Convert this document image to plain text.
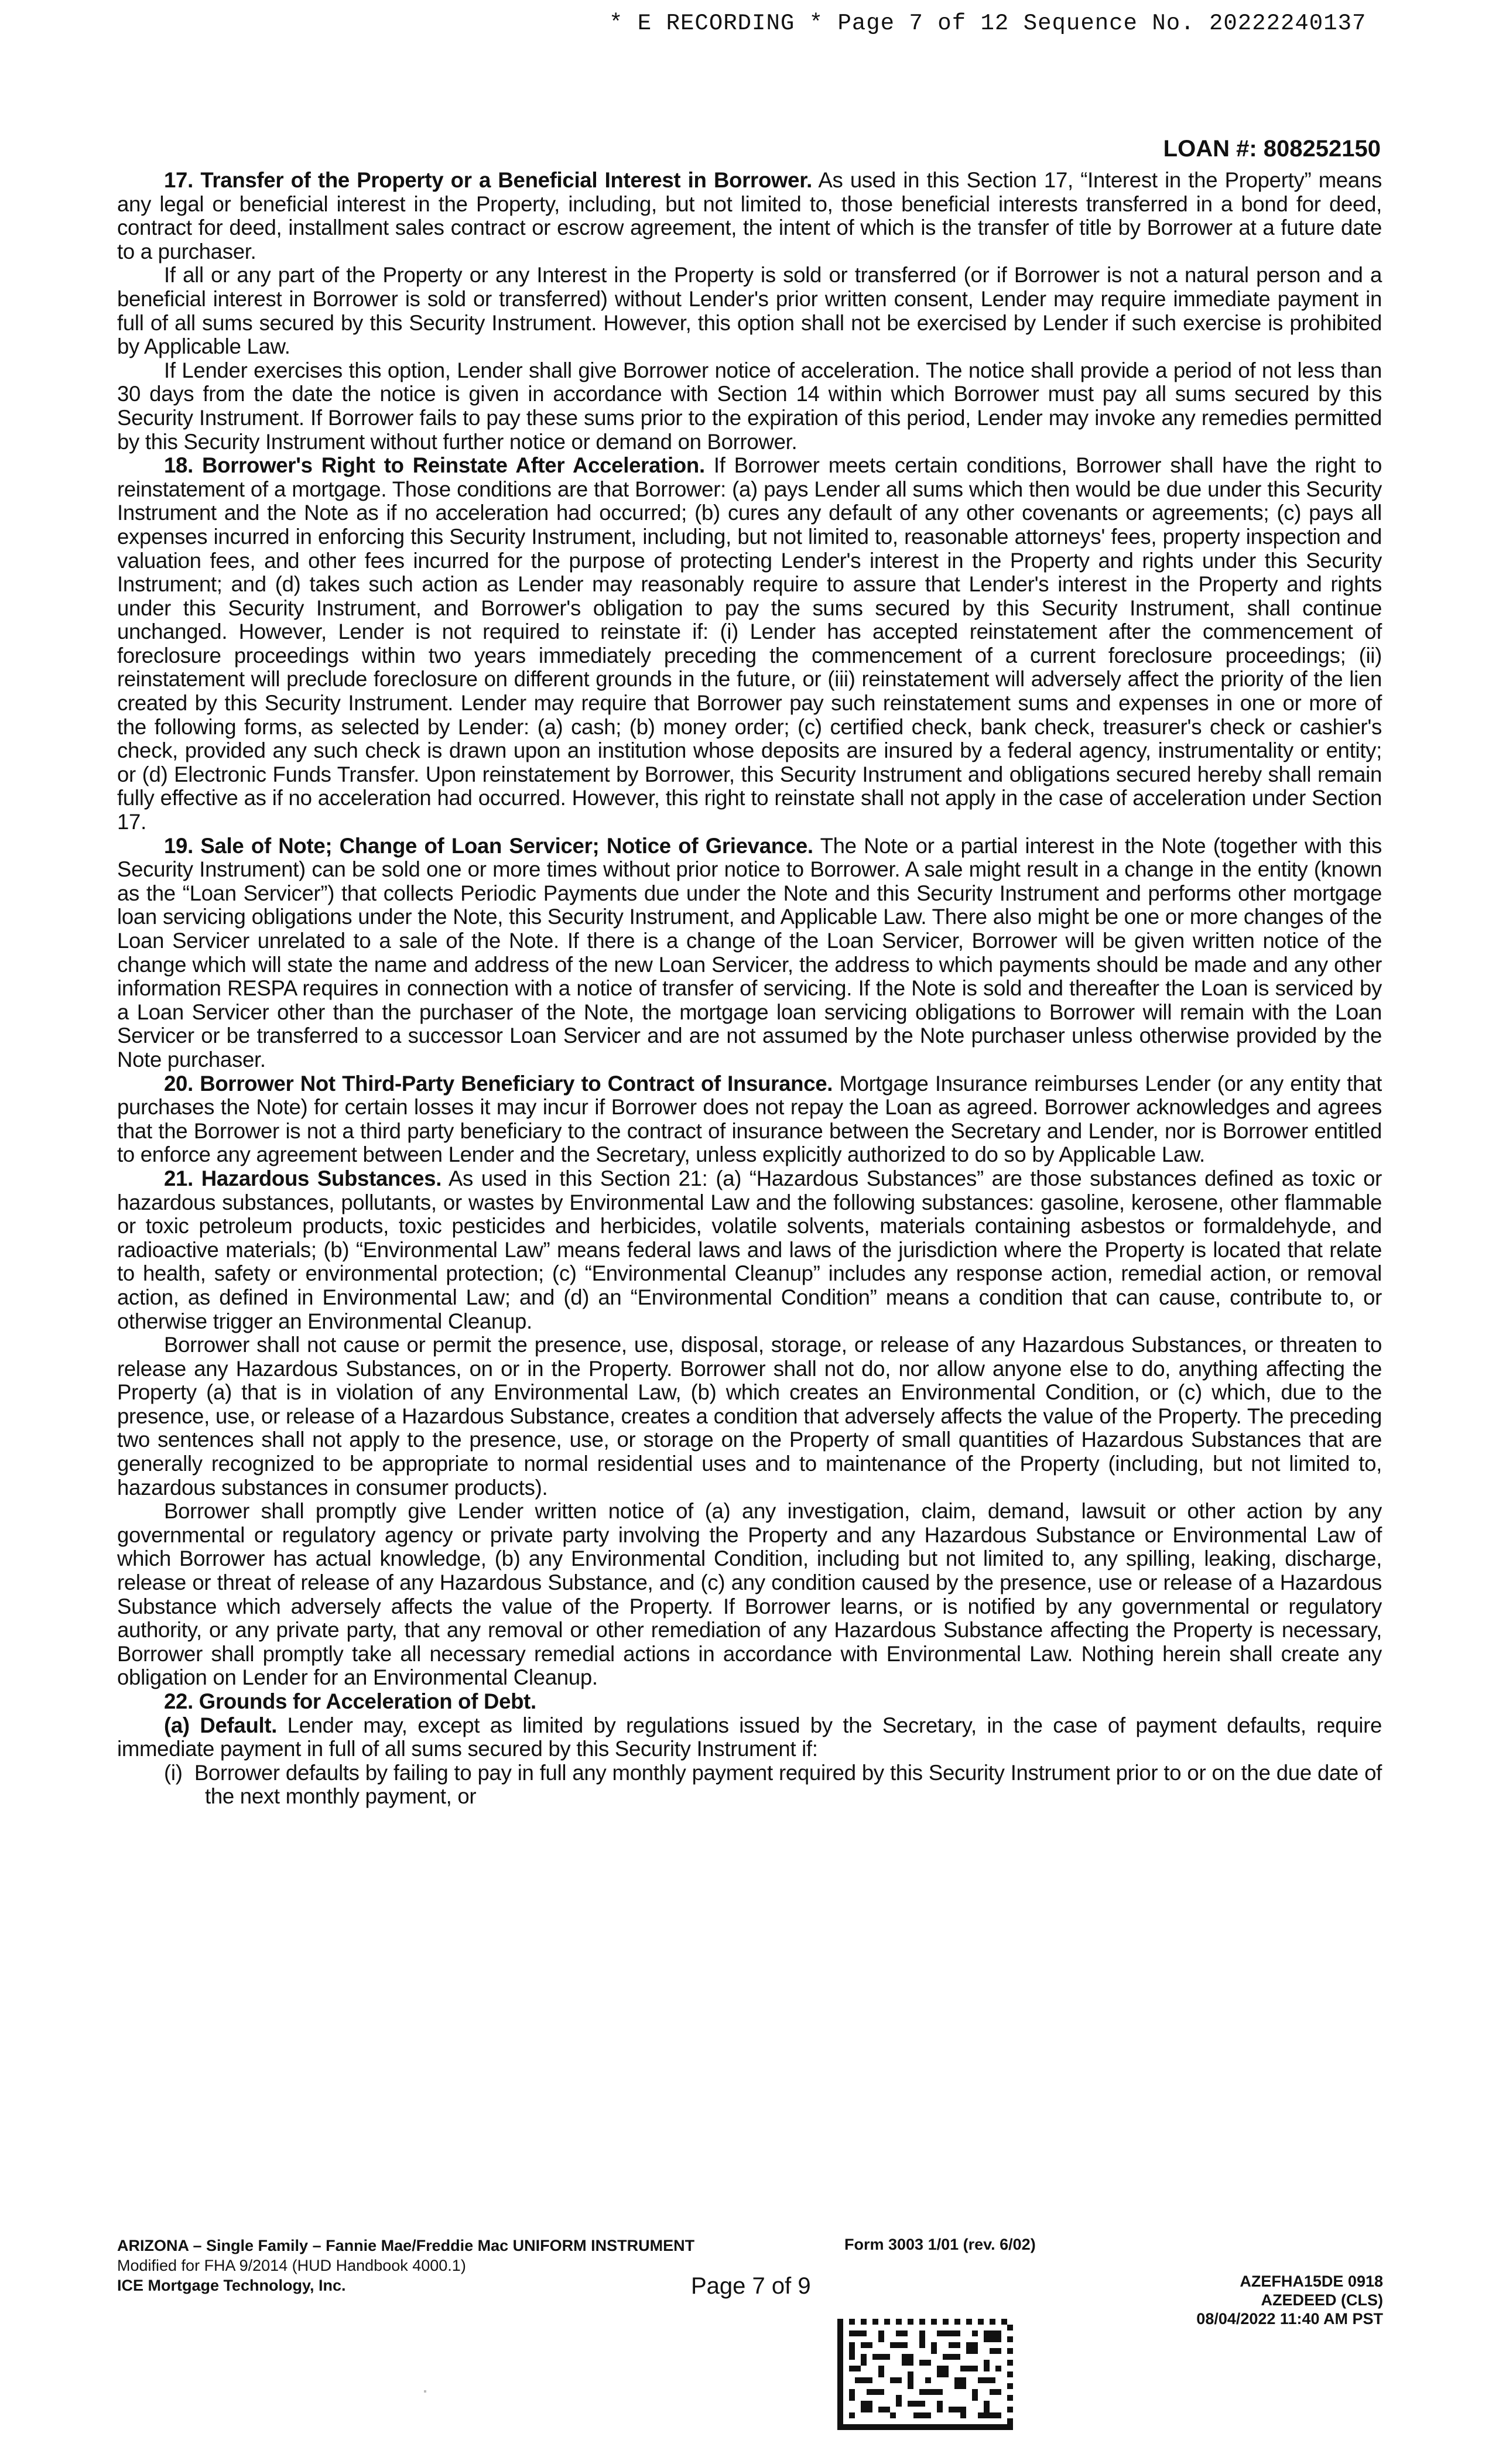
* E RECORDING * Page 7 of 12 Sequence No. 20222240137
LOAN #: 808252150

17. Transfer of the Property or a Beneficial Interest in Borrower. As used in this Section 17, “Interest in the Property” means any legal or beneficial interest in the Property, including, but not limited to, those beneficial interests transferred in a bond for deed, contract for deed, installment sales contract or escrow agreement, the intent of which is the transfer of title by Borrower at a future date to a purchaser.

If all or any part of the Property or any Interest in the Property is sold or transferred (or if Borrower is not a natural person and a beneficial interest in Borrower is sold or transferred) without Lender's prior written consent, Lender may require immediate payment in full of all sums secured by this Security Instrument. However, this option shall not be exercised by Lender if such exercise is prohibited by Applicable Law.

If Lender exercises this option, Lender shall give Borrower notice of acceleration. The notice shall provide a period of not less than 30 days from the date the notice is given in accordance with Section 14 within which Borrower must pay all sums secured by this Security Instrument. If Borrower fails to pay these sums prior to the expiration of this period, Lender may invoke any remedies permitted by this Security Instrument without further notice or demand on Borrower.

18. Borrower's Right to Reinstate After Acceleration. If Borrower meets certain conditions, Borrower shall have the right to reinstatement of a mortgage. Those conditions are that Borrower: (a) pays Lender all sums which then would be due under this Security Instrument and the Note as if no acceleration had occurred; (b) cures any default of any other covenants or agreements; (c) pays all expenses incurred in enforcing this Security Instrument, including, but not limited to, reasonable attorneys' fees, property inspection and valuation fees, and other fees incurred for the purpose of protecting Lender's interest in the Property and rights under this Security Instrument; and (d) takes such action as Lender may reasonably require to assure that Lender's interest in the Property and rights under this Security Instrument, and Borrower's obligation to pay the sums secured by this Security Instrument, shall continue unchanged. However, Lender is not required to reinstate if: (i) Lender has accepted reinstatement after the commencement of foreclosure proceedings within two years immediately preceding the commencement of a current foreclosure proceedings; (ii) reinstatement will preclude foreclosure on different grounds in the future, or (iii) reinstatement will adversely affect the priority of the lien created by this Security Instrument. Lender may require that Borrower pay such reinstatement sums and expenses in one or more of the following forms, as selected by Lender: (a) cash; (b) money order; (c) certified check, bank check, treasurer's check or cashier's check, provided any such check is drawn upon an institution whose deposits are insured by a federal agency, instrumentality or entity; or (d) Electronic Funds Transfer. Upon reinstatement by Borrower, this Security Instrument and obligations secured hereby shall remain fully effective as if no acceleration had occurred. However, this right to reinstate shall not apply in the case of acceleration under Section 17.

19. Sale of Note; Change of Loan Servicer; Notice of Grievance. The Note or a partial interest in the Note (together with this Security Instrument) can be sold one or more times without prior notice to Borrower. A sale might result in a change in the entity (known as the “Loan Servicer”) that collects Periodic Payments due under the Note and this Security Instrument and performs other mortgage loan servicing obligations under the Note, this Security Instrument, and Applicable Law. There also might be one or more changes of the Loan Servicer unrelated to a sale of the Note. If there is a change of the Loan Servicer, Borrower will be given written notice of the change which will state the name and address of the new Loan Servicer, the address to which payments should be made and any other information RESPA requires in connection with a notice of transfer of servicing. If the Note is sold and thereafter the Loan is serviced by a Loan Servicer other than the purchaser of the Note, the mortgage loan servicing obligations to Borrower will remain with the Loan Servicer or be transferred to a successor Loan Servicer and are not assumed by the Note purchaser unless otherwise provided by the Note purchaser.

20. Borrower Not Third-Party Beneficiary to Contract of Insurance. Mortgage Insurance reimburses Lender (or any entity that purchases the Note) for certain losses it may incur if Borrower does not repay the Loan as agreed. Borrower acknowledges and agrees that the Borrower is not a third party beneficiary to the contract of insurance between the Secretary and Lender, nor is Borrower entitled to enforce any agreement between Lender and the Secretary, unless explicitly authorized to do so by Applicable Law.

21. Hazardous Substances. As used in this Section 21: (a) “Hazardous Substances” are those substances defined as toxic or hazardous substances, pollutants, or wastes by Environmental Law and the following substances: gasoline, kerosene, other flammable or toxic petroleum products, toxic pesticides and herbicides, volatile solvents, materials containing asbestos or formaldehyde, and radioactive materials; (b) “Environmental Law” means federal laws and laws of the jurisdiction where the Property is located that relate to health, safety or environmental protection; (c) “Environmental Cleanup” includes any response action, remedial action, or removal action, as defined in Environmental Law; and (d) an “Environmental Condition” means a condition that can cause, contribute to, or otherwise trigger an Environmental Cleanup.

Borrower shall not cause or permit the presence, use, disposal, storage, or release of any Hazardous Substances, or threaten to release any Hazardous Substances, on or in the Property. Borrower shall not do, nor allow anyone else to do, anything affecting the Property (a) that is in violation of any Environmental Law, (b) which creates an Environmental Condition, or (c) which, due to the presence, use, or release of a Hazardous Substance, creates a condition that adversely affects the value of the Property. The preceding two sentences shall not apply to the presence, use, or storage on the Property of small quantities of Hazardous Substances that are generally recognized to be appropriate to normal residential uses and to maintenance of the Property (including, but not limited to, hazardous substances in consumer products).

Borrower shall promptly give Lender written notice of (a) any investigation, claim, demand, lawsuit or other action by any governmental or regulatory agency or private party involving the Property and any Hazardous Substance or Environmental Law of which Borrower has actual knowledge, (b) any Environmental Condition, including but not limited to, any spilling, leaking, discharge, release or threat of release of any Hazardous Substance, and (c) any condition caused by the presence, use or release of a Hazardous Substance which adversely affects the value of the Property. If Borrower learns, or is notified by any governmental or regulatory authority, or any private party, that any removal or other remediation of any Hazardous Substance affecting the Property is necessary, Borrower shall promptly take all necessary remedial actions in accordance with Environmental Law. Nothing herein shall create any obligation on Lender for an Environmental Cleanup.

22. Grounds for Acceleration of Debt.

(a) Default. Lender may, except as limited by regulations issued by the Secretary, in the case of payment defaults, require immediate payment in full of all sums secured by this Security Instrument if:

(i) Borrower defaults by failing to pay in full any monthly payment required by this Security Instrument prior to or on the due date of the next monthly payment, or

ARIZONA – Single Family – Fannie Mae/Freddie Mac UNIFORM INSTRUMENT
Modified for FHA 9/2014 (HUD Handbook 4000.1)
ICE Mortgage Technology, Inc.
Form 3003 1/01 (rev. 6/02)
Page 7 of 9	AZEFHA15DE 0918
AZEDEED (CLS)
08/04/2022 11:40 AM PST
